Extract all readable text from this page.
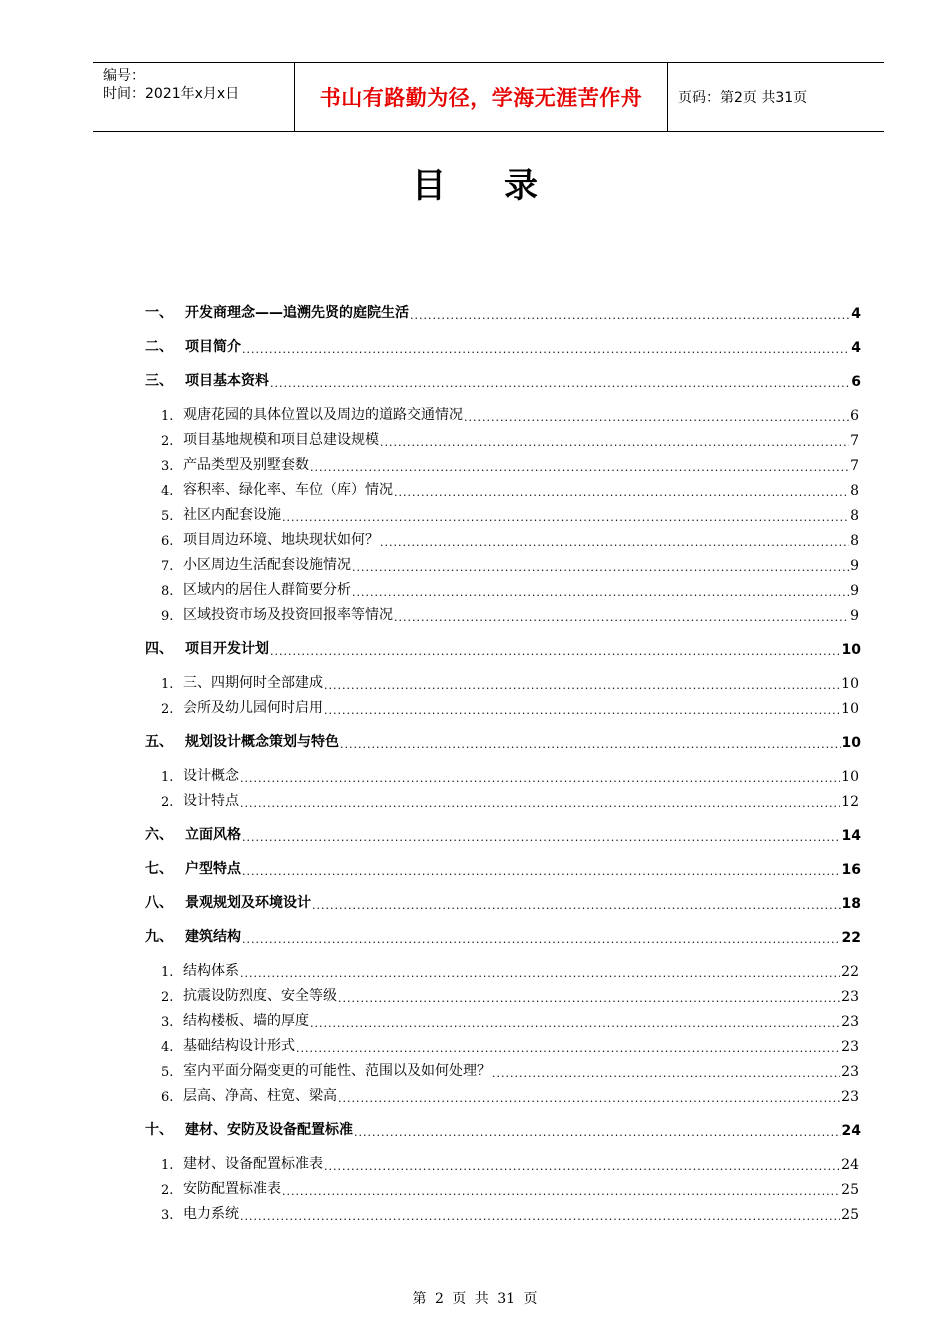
编号：
时间：2021年x月x日	书山有路勤为径，学海无涯苦作舟	页码：第2页 共31页
目录
一、 开发商理念——追溯先贤的庭院生活 .....	4
二、 项目简介 .....	4
三、 项目基本资料 .....	6
1. 观唐花园的具体位置以及周边的道路交通情况 .....	6
2. 项目基地规模和项目总建设规模 .....	7
3. 产品类型及别墅套数 .....	7
4. 容积率、绿化率、车位（库）情况 .....	8
5. 社区内配套设施 .....	8
6. 项目周边环境、地块现状如何？ .....	8
7. 小区周边生活配套设施情况 .....	9
8. 区域内的居住人群简要分析 .....	9
9. 区域投资市场及投资回报率等情况 .....	9
四、 项目开发计划 .....	10
1. 三、四期何时全部建成 .....	10
2. 会所及幼儿园何时启用 .....	10
五、 规划设计概念策划与特色 .....	10
1. 设计概念 .....	10
2. 设计特点 .....	12
六、 立面风格 .....	14
七、 户型特点 .....	16
八、 景观规划及环境设计 .....	18
九、 建筑结构 .....	22
1. 结构体系 .....	22
2. 抗震设防烈度、安全等级 .....	23
3. 结构楼板、墙的厚度 .....	23
4. 基础结构设计形式 .....	23
5. 室内平面分隔变更的可能性、范围以及如何处理？ .....	23
6. 层高、净高、柱宽、梁高 .....	23
十、 建材、安防及设备配置标准 .....	24
1. 建材、设备配置标准表 .....	24
2. 安防配置标准表 .....	25
3. 电力系统 .....	25
第 2 页 共 31 页
